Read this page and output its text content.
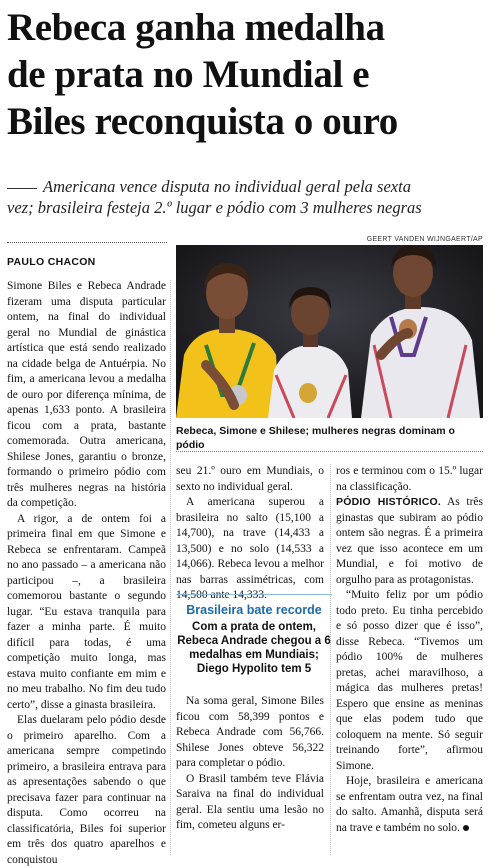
Rebeca ganha medalha
de prata no Mundial e
Biles reconquista o ouro
Americana vence disputa no individual geral pela sexta
vez; brasileira festeja 2.º lugar e pódio com 3 mulheres negras
PAULO CHACON
GEERT VANDEN WIJNGAERT/AP
Rebeca, Simone e Shilese; mulheres negras dominam o pódio

Simone Biles e Rebeca Andrade fizeram uma disputa particular ontem, na final do individual geral no Mundial de ginástica artística que está sendo realizado na cidade belga de Antuérpia. No fim, a americana levou a medalha de ouro por diferença mínima, de apenas 1,633 ponto. A brasileira ficou com a prata, bastante comemorada. Outra americana, Shilese Jones, garantiu o bronze, formando o primeiro pódio com três mulheres negras na história da competição.

A rigor, a de ontem foi a primeira final em que Simone e Rebeca se enfrentaram. Campeã no ano passado – a americana não participou –, a brasileira comemorou bastante o segundo lugar. “Eu estava tranquila para fazer a minha parte. É muito difícil para todas, é uma competição muito longa, mas estava muito confiante em mim e no meu trabalho. No fim deu tudo certo”, disse a ginasta brasileira.

Elas duelaram pelo pódio desde o primeiro aparelho. Com a americana sempre competindo primeiro, a brasileira entrava para as apresentações sabendo o que precisava fazer para continuar na disputa. Como ocorreu na classificatória, Biles foi superior em três dos quatro aparelhos e conquistou

seu 21.º ouro em Mundiais, o sexto no individual geral.

A americana superou a brasileira no salto (15,100 a 14,700), na trave (14,433 a 13,500) e no solo (14,533 a 14,066). Rebeca levou a melhor nas barras assimétricas, com 14,500 ante 14,333.

Brasileira bate recorde
Com a prata de ontem, Rebeca Andrade chegou a 6 medalhas em Mundiais; Diego Hypolito tem 5

Na soma geral, Simone Biles ficou com 58,399 pontos e Rebeca Andrade com 56,766. Shilese Jones obteve 56,322 para completar o pódio.

O Brasil também teve Flávia Saraiva na final do individual geral. Ela sentiu uma lesão no fim, cometeu alguns er-

ros e terminou com o 15.º lugar na classificação.

PÓDIO HISTÓRICO. As três ginastas que subiram ao pódio ontem são negras. É a primeira vez que isso acontece em um Mundial, e foi motivo de orgulho para as protagonistas.

“Muito feliz por um pódio todo preto. Eu tinha percebido e só posso dizer que é isso”, disse Rebeca. “Tivemos um pódio 100% de mulheres pretas, achei maravilhoso, a mágica das mulheres pretas! Espero que ensine as meninas que elas podem tudo que coloquem na mente. Só seguir treinando forte”, afirmou Simone.

Hoje, brasileira e americana se enfrentam outra vez, na final do salto. Amanhã, disputa será na trave e também no solo.
